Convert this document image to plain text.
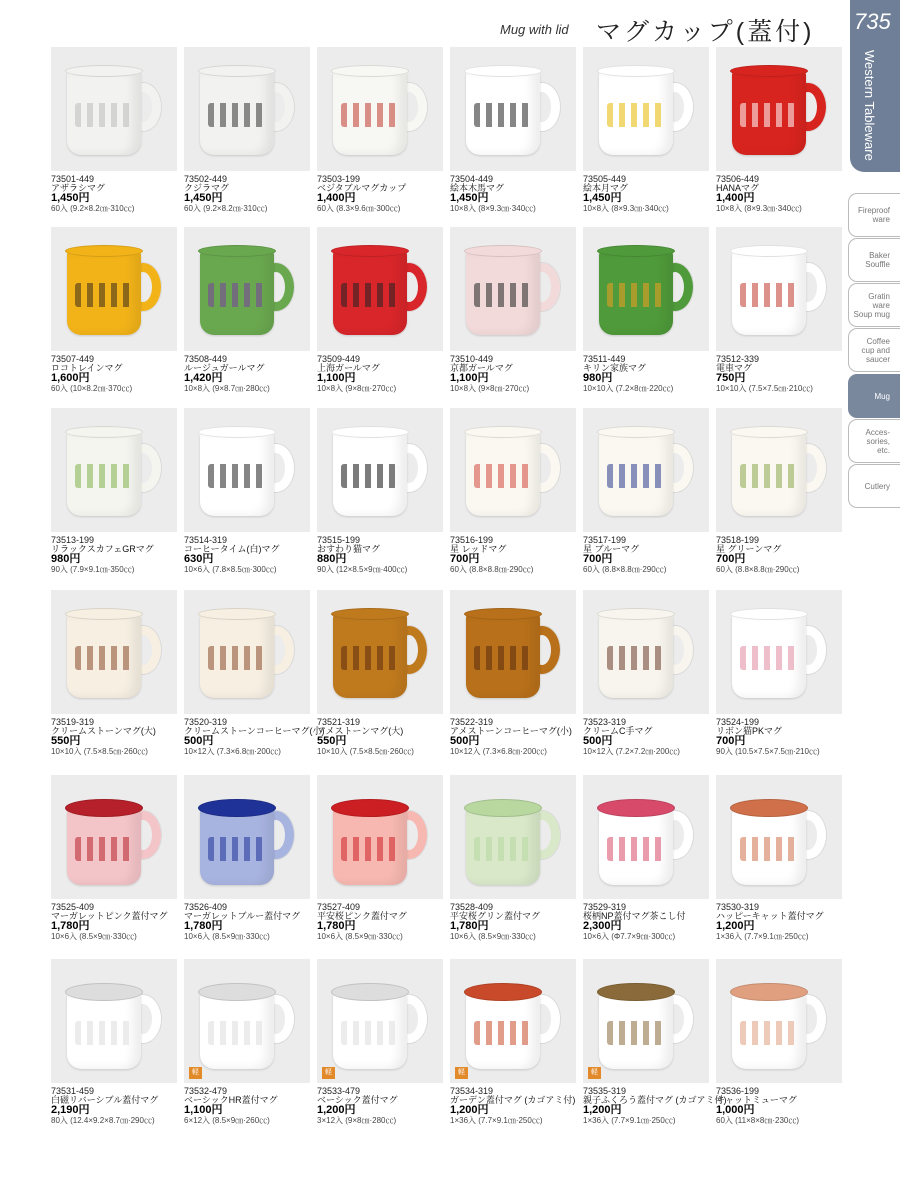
Mug with lid マグカップ(蓋付) 735
Western Tableware
Fireproof
ware
Baker
Souffle
Gratin ware
Soup mug
Coffee
cup and
saucer
Mug
Acces-
sories,
etc.
Cutlery
73501-449
アザラシマグ
1,450円
60入 (9.2×8.2㎝·310㏄)
73502-449
クジラマグ
1,450円
60入 (9.2×8.2㎝·310㏄)
73503-199
ベジタブルマグカップ
1,400円
60入 (8.3×9.6㎝·300㏄)
73504-449
絵本木馬マグ
1,450円
10×8入 (8×9.3㎝·340㏄)
73505-449
絵本月マグ
1,450円
10×8入 (8×9.3㎝·340㏄)
73506-449
HANAマグ
1,400円
10×8入 (8×9.3㎝·340㏄)
73507-449
ロコトレインマグ
1,600円
60入 (10×8.2㎝·370㏄)
73508-449
ルージュガールマグ
1,420円
10×8入 (9×8.7㎝·280㏄)
73509-449
上海ガールマグ
1,100円
10×8入 (9×8㎝·270㏄)
73510-449
京都ガールマグ
1,100円
10×8入 (9×8㎝·270㏄)
73511-449
キリン家族マグ
980円
10×10入 (7.2×8㎝·220㏄)
73512-339
電車マグ
750円
10×10入 (7.5×7.5㎝·210㏄)
73513-199
リラックスカフェGRマグ
980円
90入 (7.9×9.1㎝·350㏄)
73514-319
コーヒータイム(白)マグ
630円
10×6入 (7.8×8.5㎝·300㏄)
73515-199
おすわり猫マグ
880円
90入 (12×8.5×9㎝·400㏄)
73516-199
星 レッドマグ
700円
60入 (8.8×8.8㎝·290㏄)
73517-199
星 ブルーマグ
700円
60入 (8.8×8.8㎝·290㏄)
73518-199
星 グリーンマグ
700円
60入 (8.8×8.8㎝·290㏄)
73519-319
クリームストーンマグ(大)
550円
10×10入 (7.5×8.5㎝·260㏄)
73520-319
クリームストーンコーヒーマグ(小)
500円
10×12入 (7.3×6.8㎝·200㏄)
73521-319
アメストーンマグ(大)
550円
10×10入 (7.5×8.5㎝·260㏄)
73522-319
アメストーンコーヒーマグ(小)
500円
10×12入 (7.3×6.8㎝·200㏄)
73523-319
クリームC手マグ
500円
10×12入 (7.2×7.2㎝·200㏄)
73524-199
リボン猫PKマグ
700円
90入 (10.5×7.5×7.5㎝·210㏄)
73525-409
マーガレットピンク蓋付マグ
1,780円
10×6入 (8.5×9㎝·330㏄)
73526-409
マーガレットブルー蓋付マグ
1,780円
10×6入 (8.5×9㎝·330㏄)
73527-409
平安桜ピンク蓋付マグ
1,780円
10×6入 (8.5×9㎝·330㏄)
73528-409
平安桜グリン蓋付マグ
1,780円
10×6入 (8.5×9㎝·330㏄)
73529-319
桜柄NP蓋付マグ茶こし付
2,300円
10×6入 (Φ7.7×9㎝·300㏄)
73530-319
ハッピーキャット蓋付マグ
1,200円
1×36入 (7.7×9.1㎝·250㏄)
73531-459
白磁リバーシブル蓋付マグ
2,190円
80入 (12.4×9.2×8.7㎝·290㏄)
軽
73532-479
ベーシックHR蓋付マグ
1,100円
6×12入 (8.5×9㎝·260㏄)
軽
73533-479
ベーシック蓋付マグ
1,200円
3×12入 (9×8㎝·280㏄)
軽
73534-319
ガーデン蓋付マグ (カゴアミ付)
1,200円
1×36入 (7.7×9.1㎝·250㏄)
軽
73535-319
親子ふくろう蓋付マグ (カゴアミ付)
1,200円
1×36入 (7.7×9.1㎝·250㏄)
73536-199
キャットミューマグ
1,000円
60入 (11×8×8㎝·230㏄)
